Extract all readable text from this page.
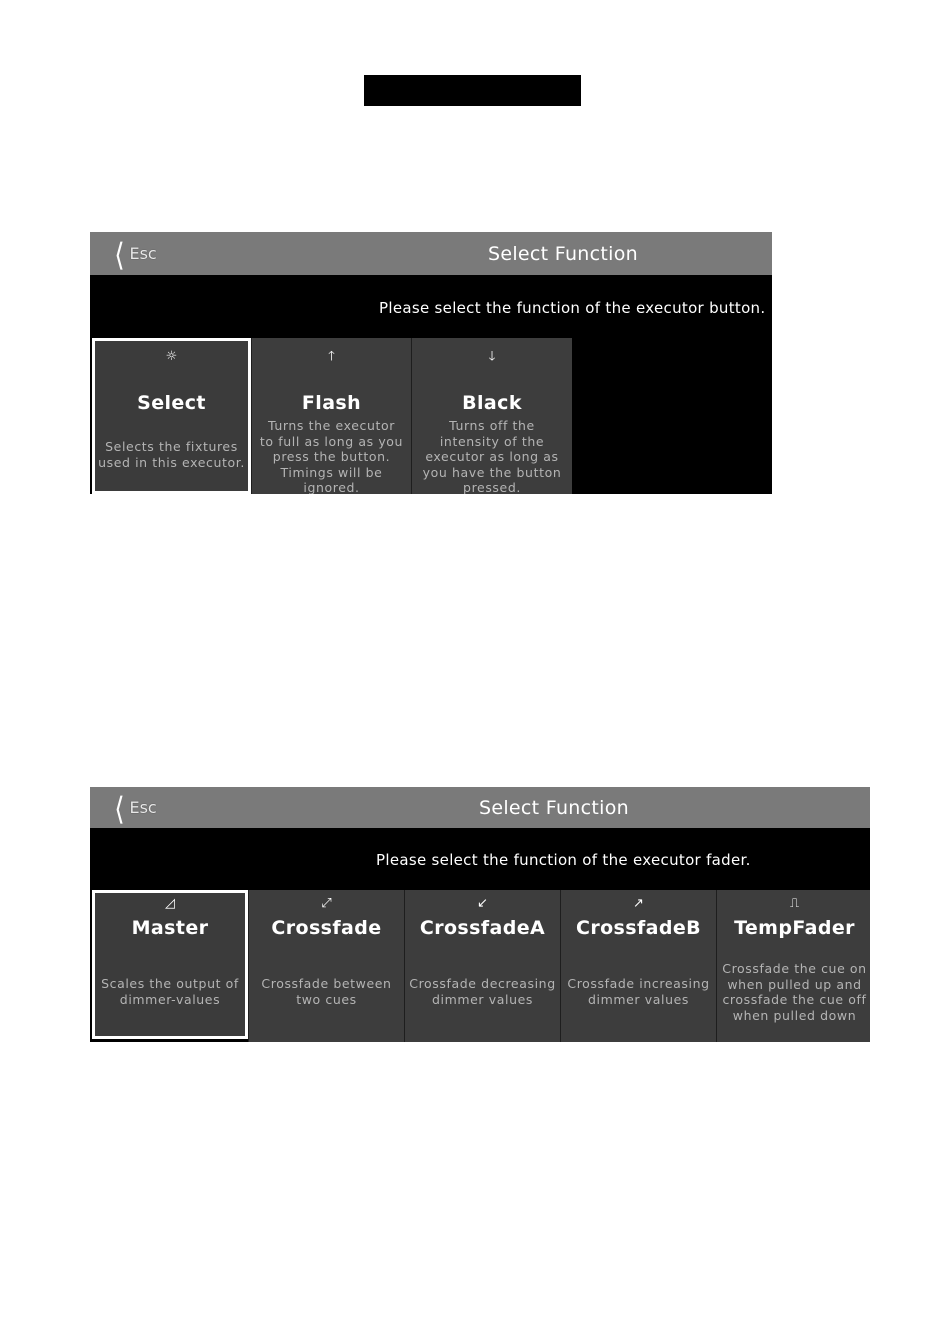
❬ Esc	Select Function
Please select the function of the executor button.
☼
Select
Selects the fixtures
used in this executor.
🡑
Flash
Turns the executor
to full as long as you
press the button.
Timings will be
ignored.
🡓
Black
Turns off the
intensity of the
executor as long as
you have the button
pressed.
❬ Esc	Select Function
Please select the function of the executor fader.
◿
Master
Scales the output of
dimmer-values
⤢
Crossfade
Crossfade between
two cues
↙
CrossfadeA
Crossfade decreasing
dimmer values
↗
CrossfadeB
Crossfade increasing
dimmer values
⎍
TempFader
Crossfade the cue on
when pulled up and
crossfade the cue off
when pulled down
